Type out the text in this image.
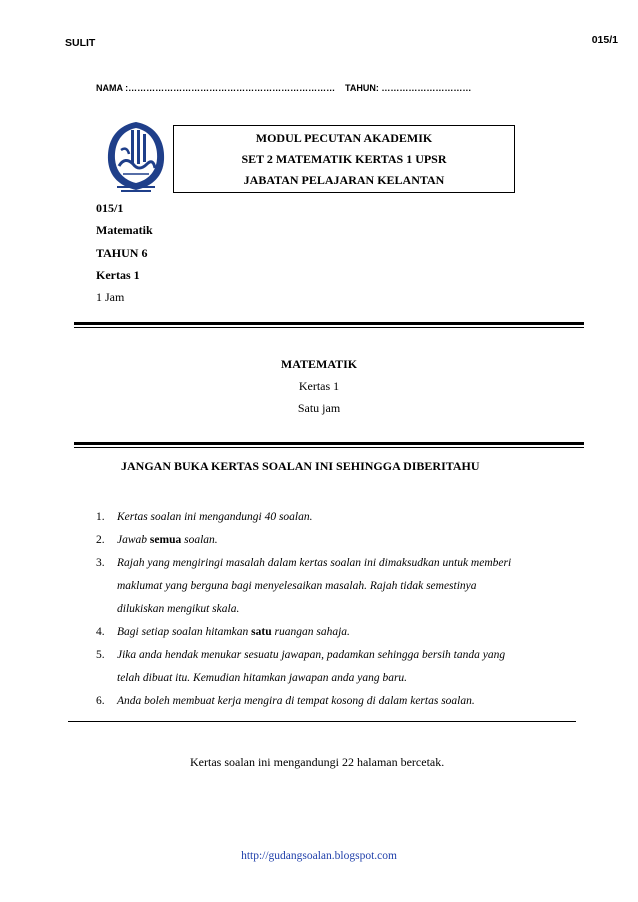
SULIT	015/1
NAMA :…………………………………………………………… TAHUN: …………………………
MODUL PECUTAN AKADEMIK
SET 2 MATEMATIK KERTAS 1 UPSR
JABATAN PELAJARAN KELANTAN
015/1
Matematik
TAHUN 6
Kertas 1
1 Jam
MATEMATIK
Kertas 1
Satu jam
JANGAN BUKA KERTAS SOALAN INI SEHINGGA DIBERITAHU
1. Kertas soalan ini mengandungi 40 soalan.
2. Jawab semua soalan.
3. Rajah yang mengiringi masalah dalam kertas soalan ini dimaksudkan untuk memberi
maklumat yang berguna bagi menyelesaikan masalah. Rajah tidak semestinya
dilukiskan mengikut skala.
4. Bagi setiap soalan hitamkan satu ruangan sahaja.
5. Jika anda hendak menukar sesuatu jawapan, padamkan sehingga bersih tanda yang
telah dibuat itu. Kemudian hitamkan jawapan anda yang baru.
6. Anda boleh membuat kerja mengira di tempat kosong di dalam kertas soalan.
Kertas soalan ini mengandungi 22 halaman bercetak.
http://gudangsoalan.blogspot.com
